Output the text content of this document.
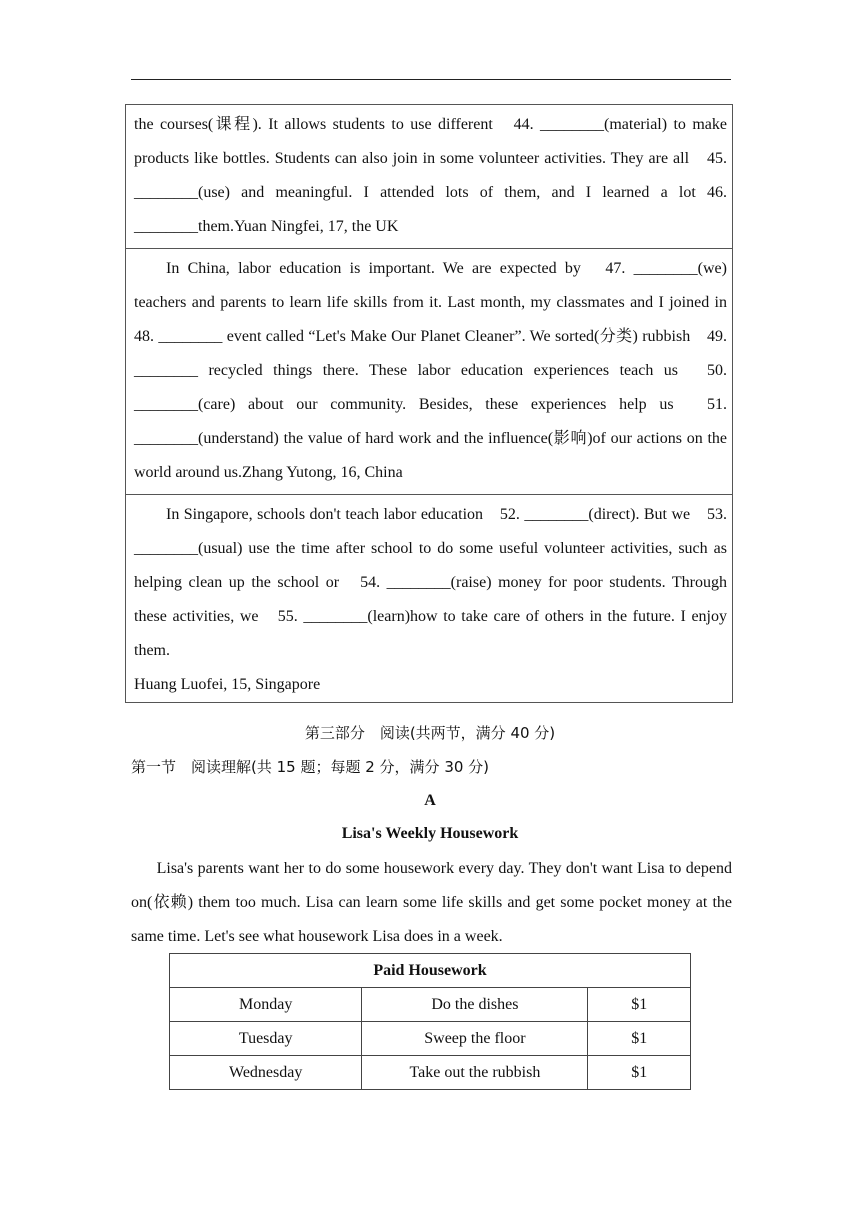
the courses(课程). It allows students to use different　44. ________(material) to make products like bottles. Students can also join in some volunteer activities. They are all　45. ________(use) and meaningful. I attended lots of them, and I learned a lot 46. ________them.Yuan Ningfei, 17, the UK
In China, labor education is important. We are expected by　47. ________(we) teachers and parents to learn life skills from it. Last month, my classmates and I joined in　48. ________ event called “Let's Make Our Planet Cleaner”. We sorted(分类) rubbish　49. ________ recycled things there. These labor education experiences teach us　50. ________(care) about our community. Besides, these experiences help us　51. ________(understand) the value of hard work and the influence(影响)of our actions on the world around us.Zhang Yutong, 16, China
In Singapore, schools don't teach labor education　52. ________(direct). But we　53. ________(usual) use the time after school to do some useful volunteer activities, such as helping clean up the school or　54. ________(raise) money for poor students. Through these activities, we　55. ________(learn)how to take care of others in the future. I enjoy them.
Huang Luofei, 15, Singapore
第三部分　阅读(共两节，满分 40 分)
第一节　阅读理解(共 15 题；每题 2 分，满分 30 分)
A
Lisa's Weekly Housework

Lisa's parents want her to do some housework every day. They don't want Lisa to depend on(依赖) them too much. Lisa can learn some life skills and get some pocket money at the same time. Let's see what housework Lisa does in a week.

Paid Housework		
Monday	Do the dishes	$1
Tuesday	Sweep the floor	$1
Wednesday	Take out the rubbish	$1
